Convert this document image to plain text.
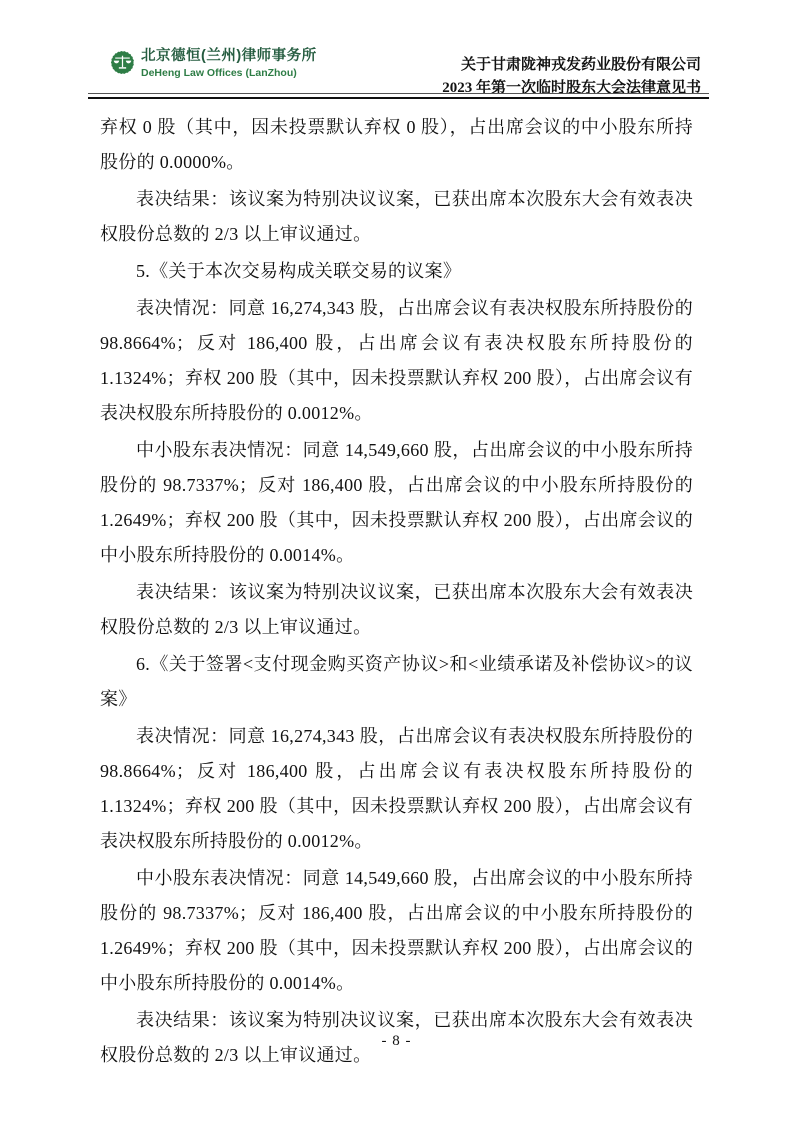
北京德恒(兰州)律师事务所
DeHeng Law Offices (LanZhou)	关于甘肃陇神戎发药业股份有限公司
2023 年第一次临时股东大会法律意见书

弃权 0 股（其中，因未投票默认弃权 0 股），占出席会议的中小股东所持股份的 0.0000%。

表决结果：该议案为特别决议议案，已获出席本次股东大会有效表决权股份总数的 2/3 以上审议通过。

5.《关于本次交易构成关联交易的议案》

表决情况：同意 16,274,343 股，占出席会议有表决权股东所持股份的 98.8664%；反对 186,400 股，占出席会议有表决权股东所持股份的 1.1324%；弃权 200 股（其中，因未投票默认弃权 200 股），占出席会议有表决权股东所持股份的 0.0012%。

中小股东表决情况：同意 14,549,660 股，占出席会议的中小股东所持股份的 98.7337%；反对 186,400 股，占出席会议的中小股东所持股份的 1.2649%；弃权 200 股（其中，因未投票默认弃权 200 股），占出席会议的中小股东所持股份的 0.0014%。

表决结果：该议案为特别决议议案，已获出席本次股东大会有效表决权股份总数的 2/3 以上审议通过。

6.《关于签署<支付现金购买资产协议>和<业绩承诺及补偿协议>的议案》

表决情况：同意 16,274,343 股，占出席会议有表决权股东所持股份的 98.8664%；反对 186,400 股，占出席会议有表决权股东所持股份的 1.1324%；弃权 200 股（其中，因未投票默认弃权 200 股），占出席会议有表决权股东所持股份的 0.0012%。

中小股东表决情况：同意 14,549,660 股，占出席会议的中小股东所持股份的 98.7337%；反对 186,400 股，占出席会议的中小股东所持股份的 1.2649%；弃权 200 股（其中，因未投票默认弃权 200 股），占出席会议的中小股东所持股份的 0.0014%。

表决结果：该议案为特别决议议案，已获出席本次股东大会有效表决权股份总数的 2/3 以上审议通过。

- 8 -
